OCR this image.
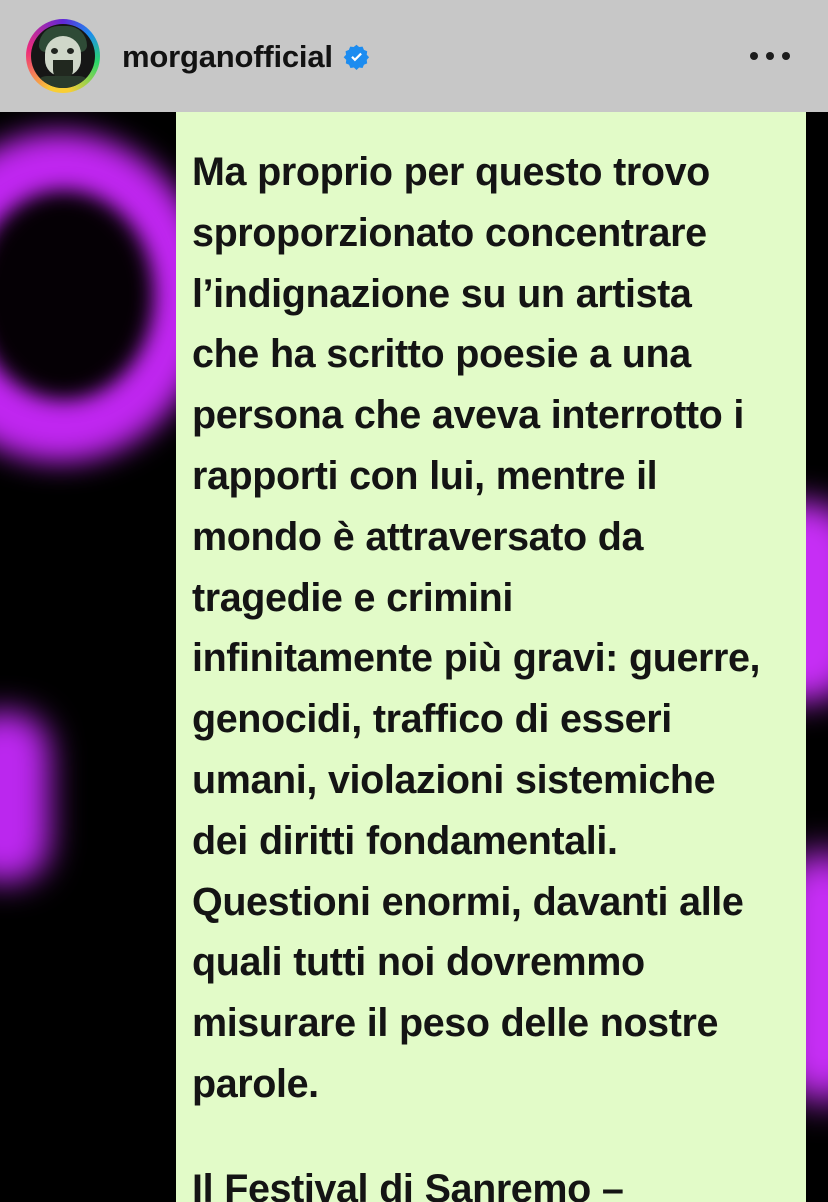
morganofficial

Ma proprio per questo trovo sproporzionato concentrare l’indignazione su un artista che ha scritto poesie a una persona che aveva interrotto i rapporti con lui, mentre il mondo è attraversato da tragedie e crimini infinitamente più gravi: guerre, genocidi, traffico di esseri umani, violazioni sistemiche dei diritti fondamentali. Questioni enormi, davanti alle quali tutti noi dovremmo misurare il peso delle nostre parole.

Il Festival di Sanremo –
